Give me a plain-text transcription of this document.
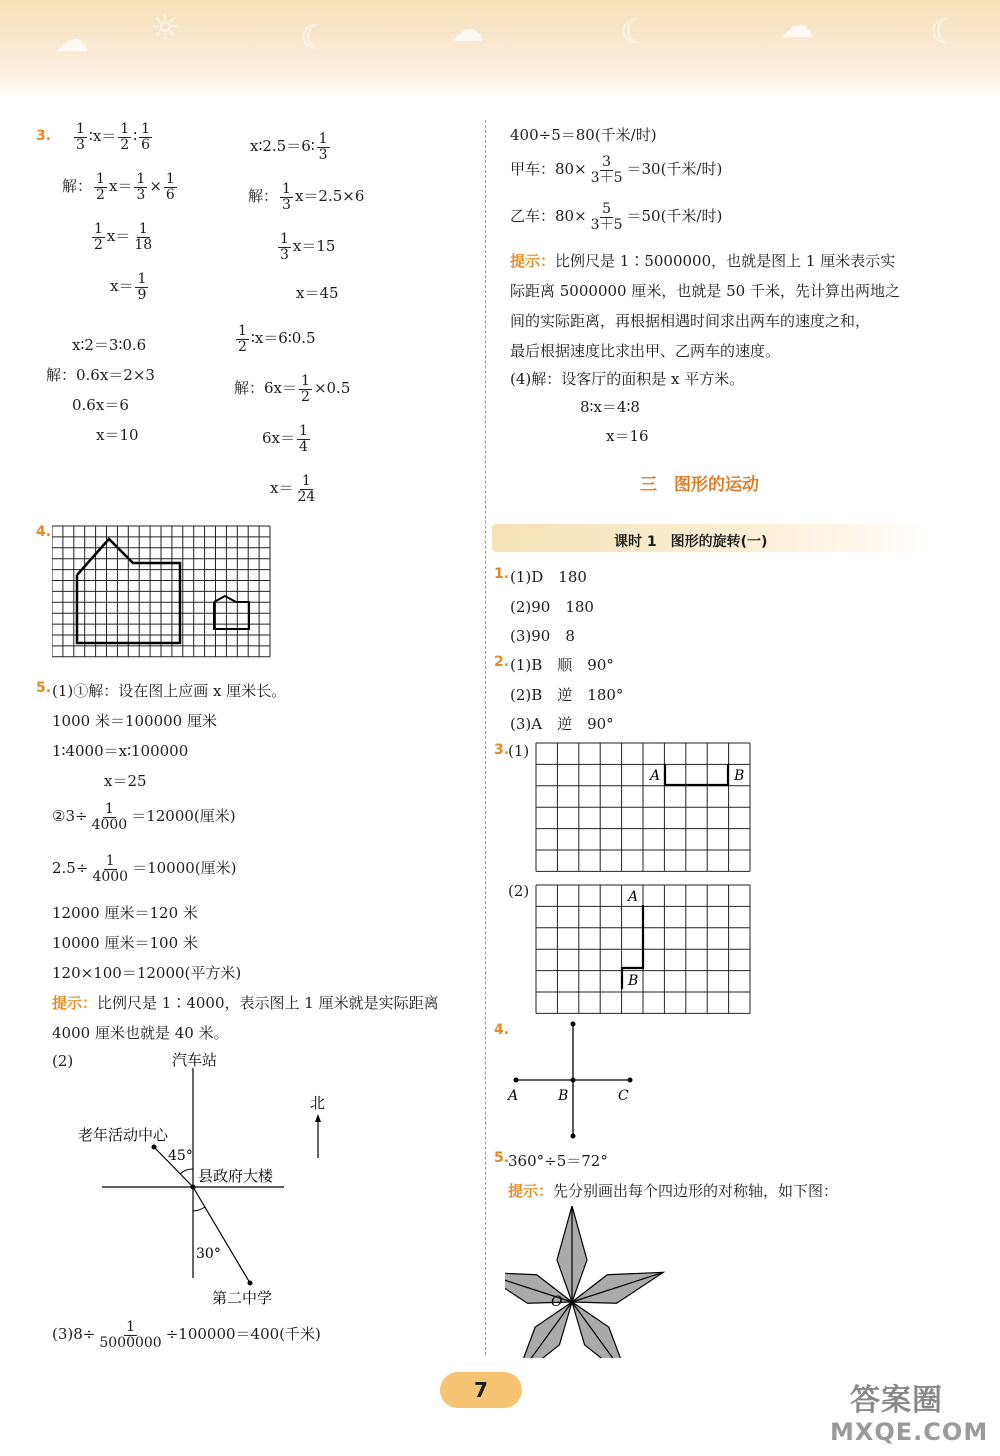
☁ ☼	☾	☁	☾	☁	☾
3. $\frac{1}{3}$ ∶x＝ $\frac{1}{2}$ ∶ $\frac{1}{6}$
解： $\frac{1}{2} x= \frac{1}{3} \times \frac{1}{6}$
$\frac{1}{2} x= \frac{1}{18}$
$x= \frac{1}{9}$
x∶2.5＝6∶ $\frac{1}{3}$
解： $\frac{1}{3} x=2.5\times 6$
$\frac{1}{3} x=15$
x＝45
x∶2＝3∶0.6
解：0.6x＝2×3
0.6x＝6
x＝10
$\frac{1}{2}$ ∶x＝6∶0.5
解：$6x= \frac{1}{2} \times 0.5$
$6x= \frac{1}{4}$
$x= \frac{1}{24}$
4.
5. (1)①解：设在图上应画 x 厘米长。
1000 米＝100000 厘米
1∶4000＝x∶100000
x＝25
②3÷ $\frac{1}{4000} =12000$(厘米)
$2.5\div \frac{1}{4000} =10000$(厘米)
12000 厘米＝120 米
10000 厘米＝100 米
120×100＝12000(平方米)
提示：比例尺是 1∶4000，表示图上 1 厘米就是实际距离
4000 厘米也就是 40 米。
(2)	汽车站
北
老年活动中心
45°
县政府大楼
30°
第二中学
$(3)8\div \frac{1}{5000000} \div 100000=400$(千米)
400÷5＝80(千米/时)
甲车：$80\times \frac{3}{3+5} =30$(千米/时)
乙车：$80\times \frac{5}{3+5} =50$(千米/时)
提示：比例尺是 1∶5000000，也就是图上 1 厘米表示实
际距离 5000000 厘米，也就是 50 千米，先计算出两地之
间的实际距离，再根据相遇时间求出两车的速度之和，
最后根据速度比求出甲、乙两车的速度。
(4)解：设客厅的面积是 x 平方米。
8∶x＝4∶8
x＝16
三　图形的运动
课时 1　图形的旋转(一)
1. (1)D　180
(2)90　180
(3)90　8
2. (1)B　顺　90°
(2)B　逆　180°
(3)A　逆　90°
3.
(1)
A	B
(2)	A
B
4.
A	B	C
5.
360°÷5＝72°
提示：先分别画出每个四边形的对称轴，如下图：
O
7	答案圈
MXQE.COM
